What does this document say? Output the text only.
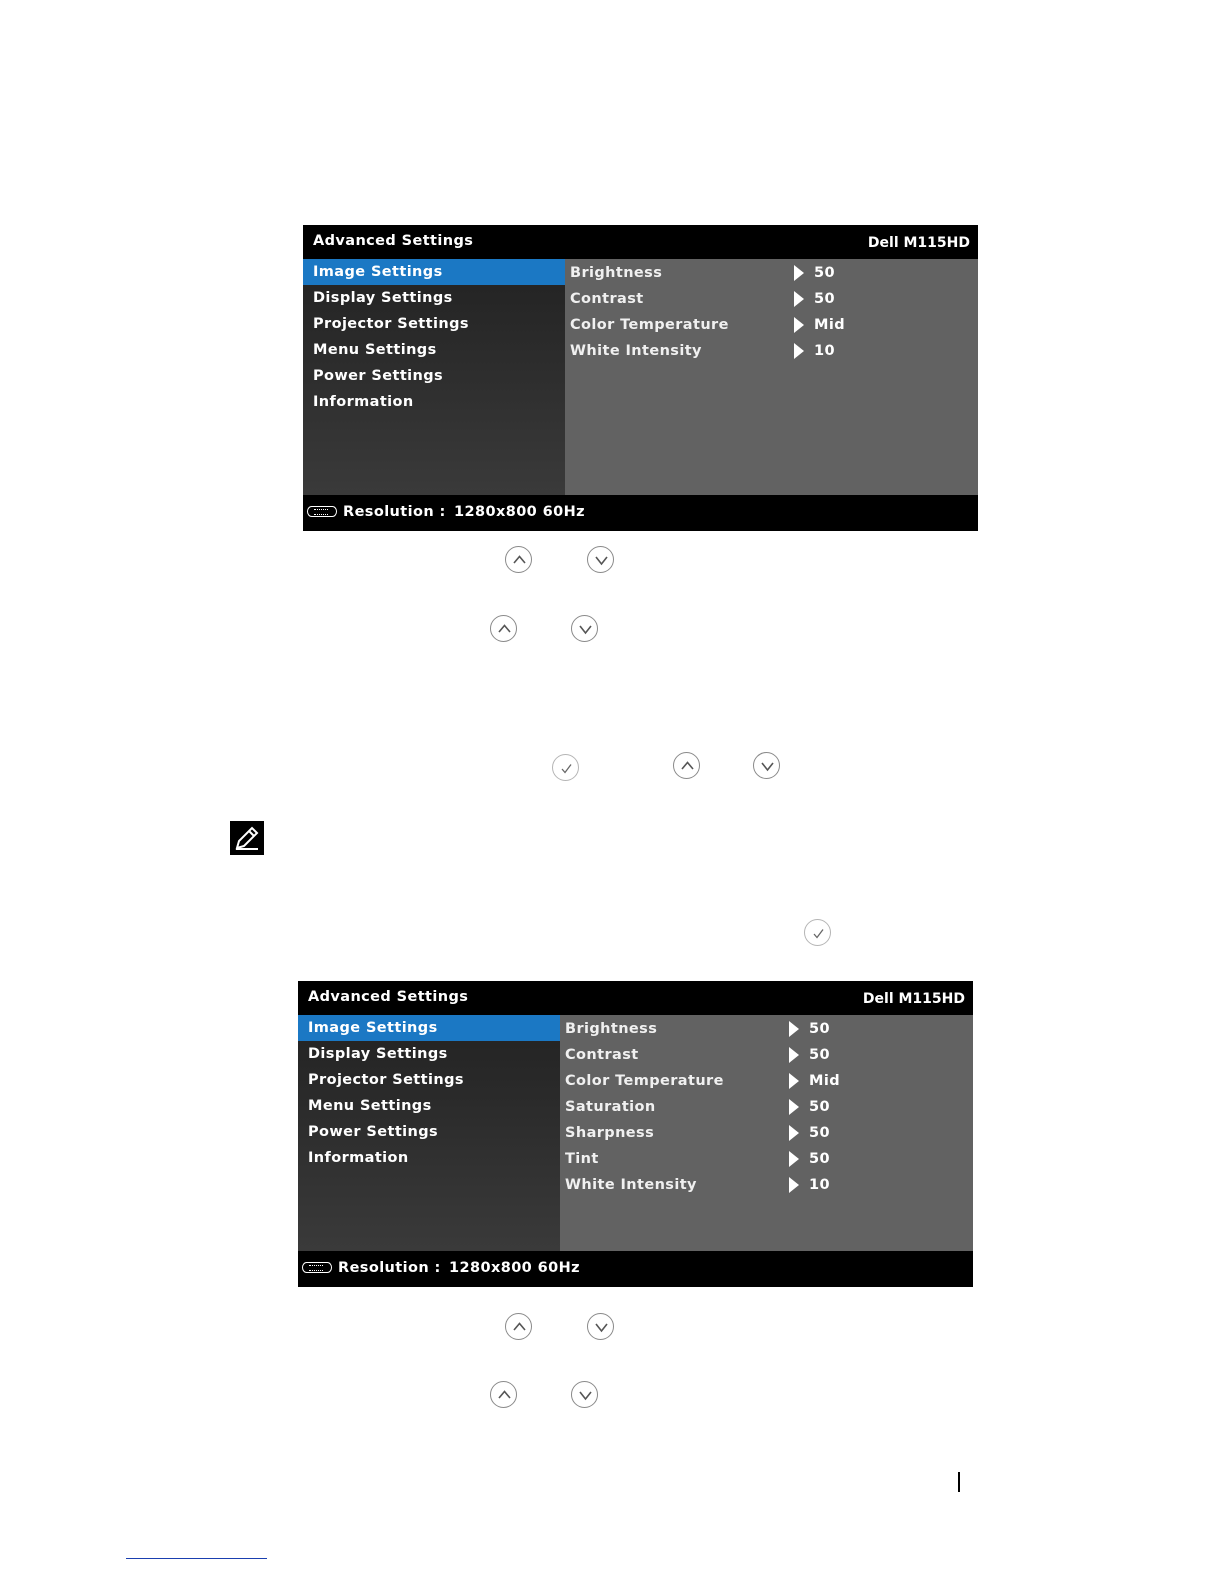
Advanced Settings	Dell M115HD
Image Settings
Display Settings
Projector Settings
Menu Settings
Power Settings
Information
Brightness	50
Contrast	50
Color Temperature	Mid
White Intensity	10
Resolution : 1280x800 60Hz
Advanced Settings	Dell M115HD
Image Settings
Display Settings
Projector Settings
Menu Settings
Power Settings
Information
Brightness	50
Contrast	50
Color Temperature	Mid
Saturation	50
Sharpness	50
Tint	50
White Intensity	10
Resolution : 1280x800 60Hz
